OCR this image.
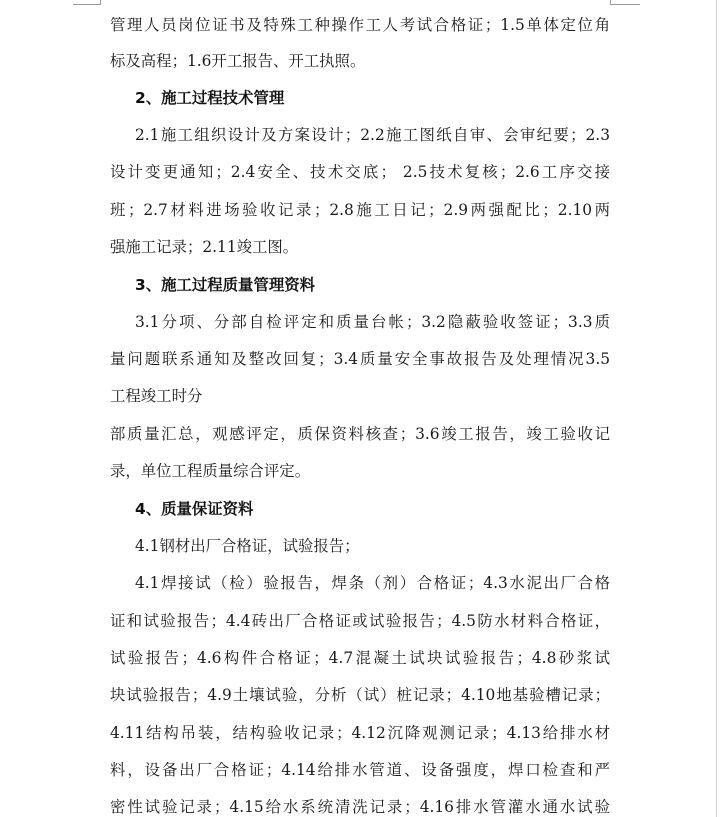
管理人员岗位证书及特殊工种操作工人考试合格证；1.5单体定位角
标及高程；1.6开工报告、开工执照。
2、施工过程技术管理
2.1施工组织设计及方案设计；2.2施工图纸自审、会审纪要；2.3
设计变更通知；2.4安全、技术交底； 2.5技术复核；2.6工序交接
班；2.7材料进场验收记录；2.8施工日记；2.9两强配比；2.10两
强施工记录；2.11竣工图。
3、施工过程质量管理资料
3.1分项、分部自检评定和质量台帐；3.2隐蔽验收签证；3.3质
量问题联系通知及整改回复；3.4质量安全事故报告及处理情况3.5
工程竣工时分
部质量汇总，观感评定，质保资料核查；3.6竣工报告，竣工验收记
录，单位工程质量综合评定。
4、质量保证资料
4.1钢材出厂合格证，试验报告；
4.1焊接试（检）验报告，焊条（剂）合格证；4.3水泥出厂合格
证和试验报告；4.4砖出厂合格证或试验报告；4.5防水材料合格证，
试验报告；4.6构件合格证；4.7混凝土试块试验报告；4.8砂浆试
块试验报告；4.9土壤试验，分析（试）桩记录；4.10地基验槽记录；
4.11结构吊装，结构验收记录；4.12沉降观测记录；4.13给排水材
料，设备出厂合格证；4.14给排水管道、设备强度，焊口检查和严
密性试验记录；4.15给水系统清洗记录；4.16排水管灌水通水试验
